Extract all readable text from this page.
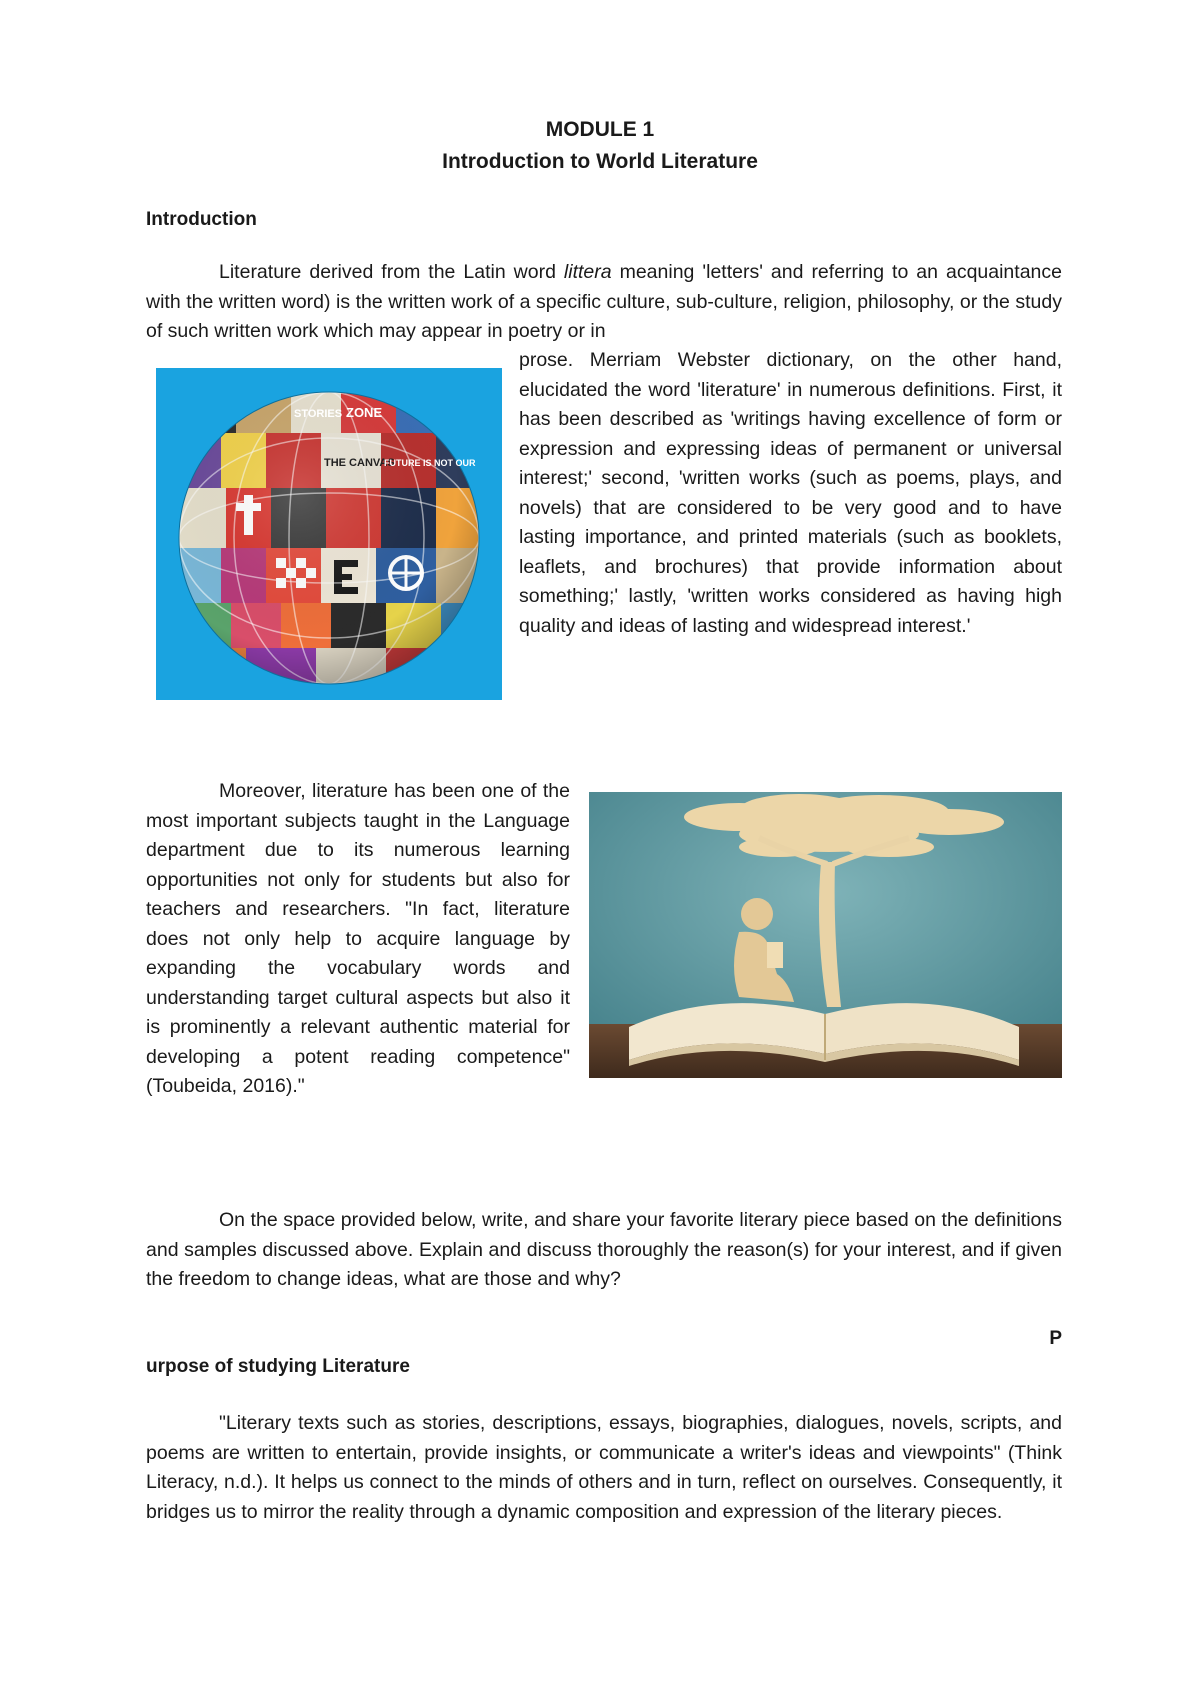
MODULE 1
Introduction to World Literature
Introduction

Literature derived from the Latin word littera meaning 'letters' and referring to an acquaintance with the written word) is the written work of a specific culture, sub-culture, religion, philosophy, or the study of such written work which may appear in poetry or in

STORIES ZONE
THE CANVAS
FUTURE IS NOT OUR

prose. Merriam Webster dictionary, on the other hand, elucidated the word 'literature' in numerous definitions. First, it has been described as 'writings having excellence of form or expression and expressing ideas of permanent or universal interest;' second, 'written works (such as poems, plays, and novels) that are considered to be very good and to have lasting importance, and printed materials (such as booklets, leaflets, and brochures) that provide information about something;' lastly, 'written works considered as having high quality and ideas of lasting and widespread interest.'

Moreover, literature has been one of the most important subjects taught in the Language department due to its numerous learning opportunities not only for students but also for teachers and researchers. "In fact, literature does not only help to acquire language by expanding the vocabulary words and understanding target cultural aspects but also it is prominently a relevant authentic material for developing a potent reading competence" (Toubeida, 2016)."

On the space provided below, write, and share your favorite literary piece based on the definitions and samples discussed above. Explain and discuss thoroughly the reason(s) for your interest, and if given the freedom to change ideas, what are those and why?

P
urpose of studying Literature

"Literary texts such as stories, descriptions, essays, biographies, dialogues, novels, scripts, and poems are written to entertain, provide insights, or communicate a writer's ideas and viewpoints" (Think Literacy, n.d.). It helps us connect to the minds of others and in turn, reflect on ourselves. Consequently, it bridges us to mirror the reality through a dynamic composition and expression of the literary pieces.
